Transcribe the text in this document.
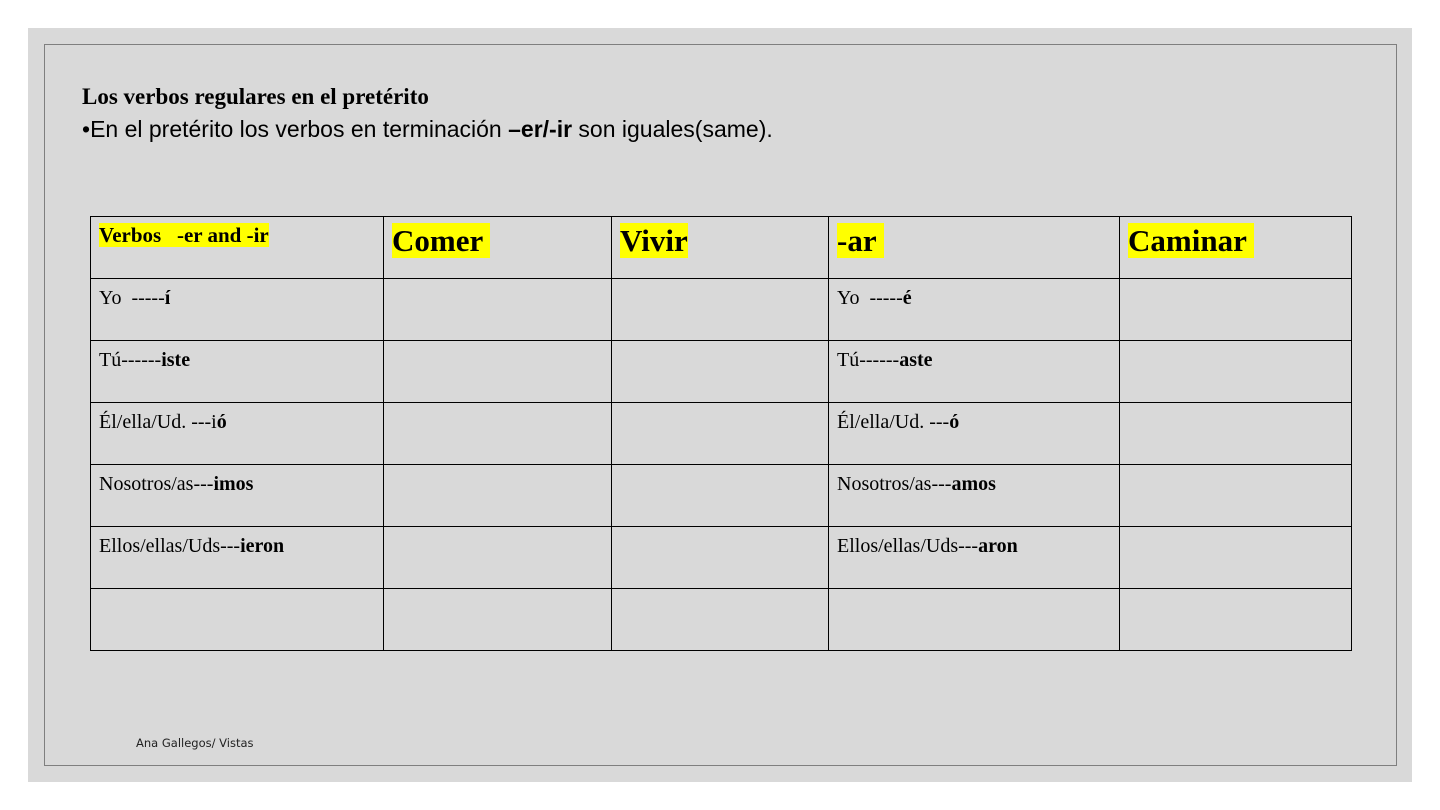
Los verbos regulares en el pretérito
•En el pretérito los verbos en terminación –er/-ir son iguales(same).
Verbos   -er and -ir	Comer	Vivir	-ar	Caminar
Yo  -----í			Yo  -----é	
Tú------iste			Tú------aste	
Él/ella/Ud. ---ió			Él/ella/Ud. ---ó	
Nosotros/as---imos			Nosotros/as---amos	
Ellos/ellas/Uds---ieron			Ellos/ellas/Uds---aron	

Ana Gallegos/ Vistas
